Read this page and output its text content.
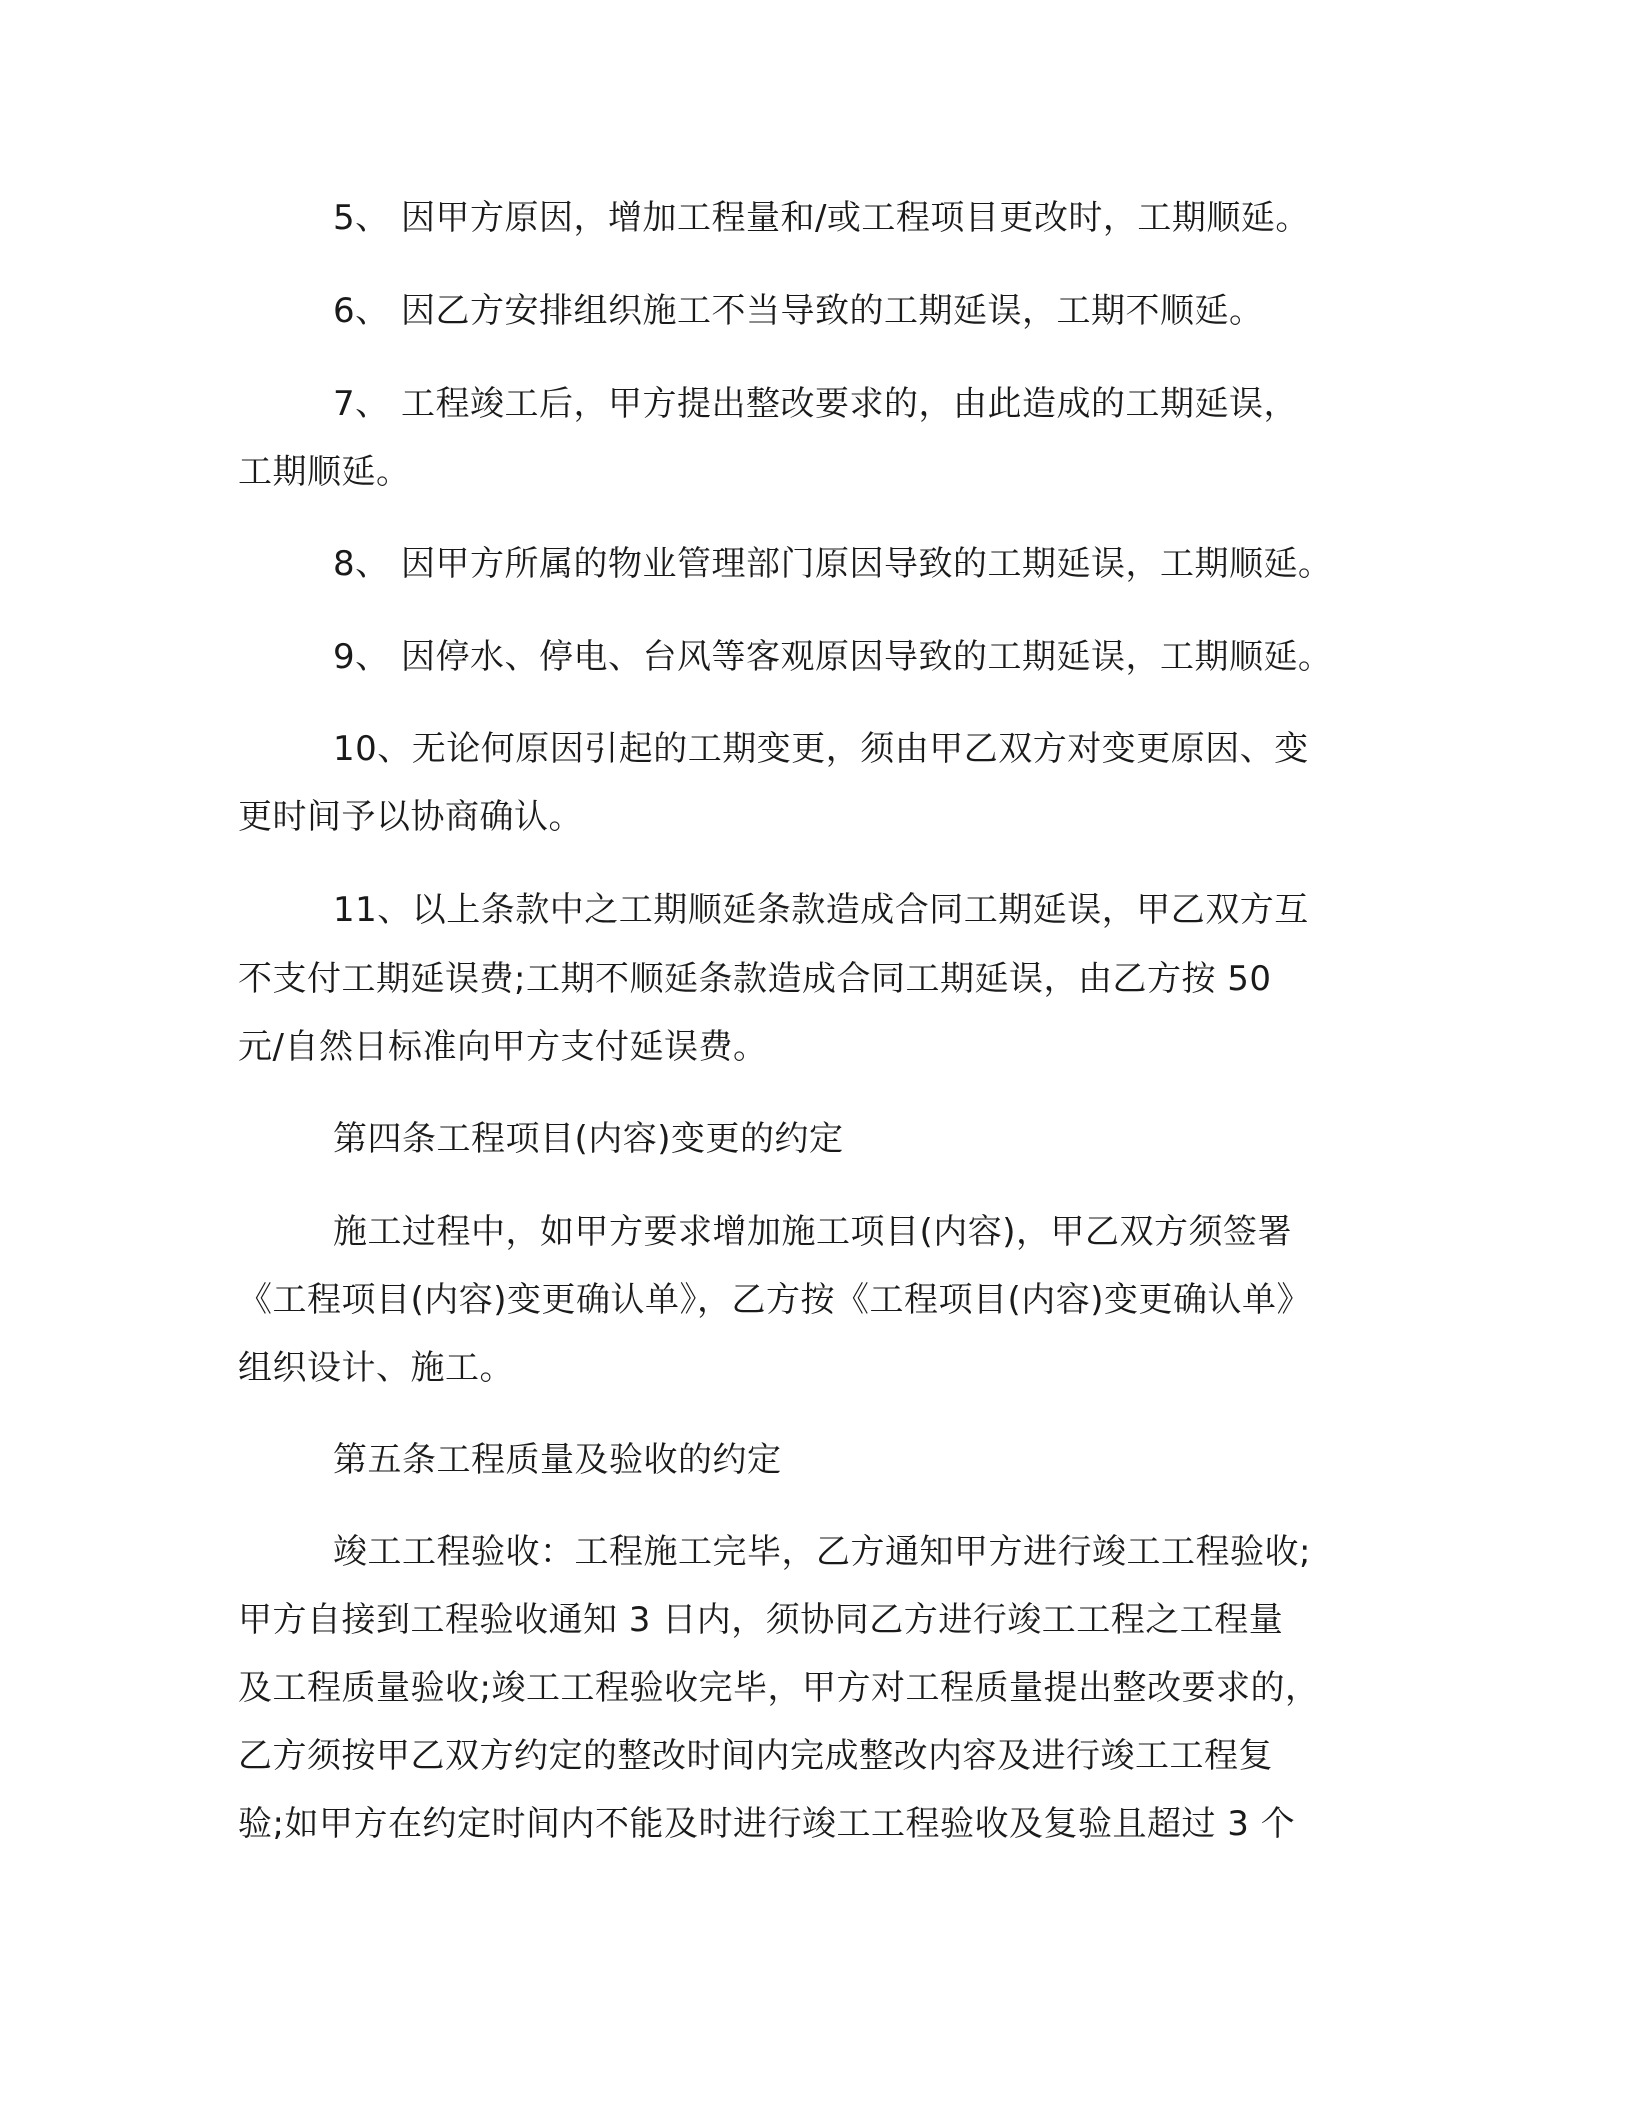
5、 因甲方原因，增加工程量和/或工程项目更改时，工期顺延。

6、 因乙方安排组织施工不当导致的工期延误，工期不顺延。

7、 工程竣工后，甲方提出整改要求的，由此造成的工期延误，

工期顺延。

8、 因甲方所属的物业管理部门原因导致的工期延误，工期顺延。

9、 因停水、停电、台风等客观原因导致的工期延误，工期顺延。

10、无论何原因引起的工期变更，须由甲乙双方对变更原因、变

更时间予以协商确认。

11、以上条款中之工期顺延条款造成合同工期延误，甲乙双方互

不支付工期延误费;工期不顺延条款造成合同工期延误，由乙方按 50

元/自然日标准向甲方支付延误费。

第四条工程项目(内容)变更的约定

施工过程中，如甲方要求增加施工项目(内容)，甲乙双方须签署

《工程项目(内容)变更确认单》，乙方按《工程项目(内容)变更确认单》

组织设计、施工。

第五条工程质量及验收的约定

竣工工程验收：工程施工完毕，乙方通知甲方进行竣工工程验收;

甲方自接到工程验收通知 3 日内，须协同乙方进行竣工工程之工程量

及工程质量验收;竣工工程验收完毕，甲方对工程质量提出整改要求的，

乙方须按甲乙双方约定的整改时间内完成整改内容及进行竣工工程复

验;如甲方在约定时间内不能及时进行竣工工程验收及复验且超过 3 个
